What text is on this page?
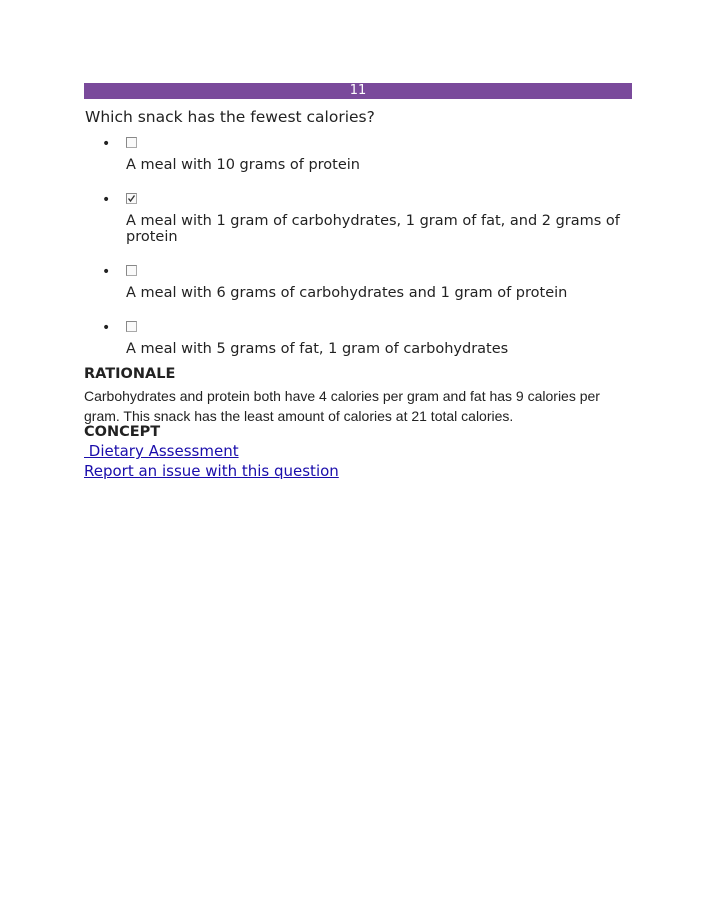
11
Which snack has the fewest calories?
•
A meal with 10 grams of protein
•
A meal with 1 gram of carbohydrates, 1 gram of fat, and 2 grams of protein
•
A meal with 6 grams of carbohydrates and 1 gram of protein
•
A meal with 5 grams of fat, 1 gram of carbohydrates
RATIONALE
Carbohydrates and protein both have 4 calories per gram and fat has 9 calories per gram. This snack has the least amount of calories at 21 total calories.
CONCEPT
Dietary Assessment
Report an issue with this question
